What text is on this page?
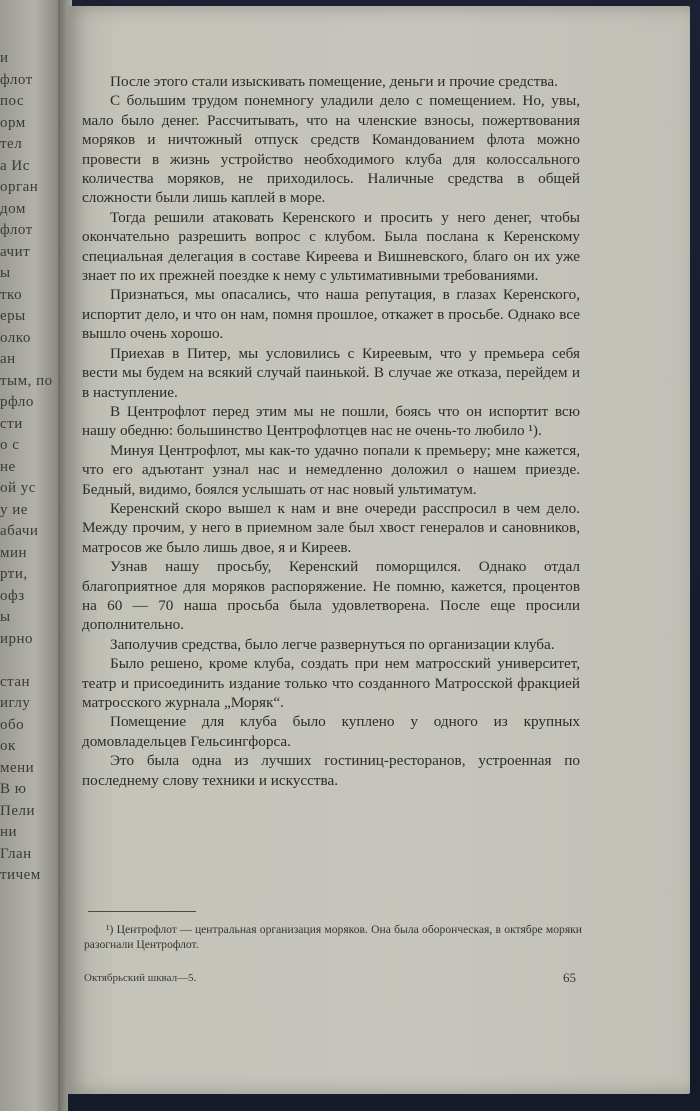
и
флот
пос
орм
тел
а Ис
орган
дом
флот
ачит
ы
тко
еры
олко
ан
тым, по
рфло
сти
о с
не
ой ус
у ие
абачи
мин
рти,
офз
ы
ирно
стан
иглу
обо
ок
мени
В ю
Пели
ни
Глан
тичем

После этого стали изыскивать помещение, деньги и прочие средства.

С большим трудом понемногу уладили дело с помещением. Но, увы, мало было денег. Рассчитывать, что на членские взносы, пожертвования моряков и ничтожный отпуск средств Командованием флота можно провести в жизнь устройство необходимого клуба для колоссального количества моряков, не приходилось. Наличные средства в общей сложности были лишь каплей в море.

Тогда решили атаковать Керенского и просить у него денег, чтобы окончательно разрешить вопрос с клубом. Была послана к Керенскому специальная делегация в составе Киреева и Вишневского, благо он их уже знает по их прежней поездке к нему с ультимативными требованиями.

Признаться, мы опасались, что наша репутация, в глазах Керенского, испортит дело, и что он нам, помня прошлое, откажет в просьбе. Однако все вышло очень хорошо.

Приехав в Питер, мы условились с Киреевым, что у премьера себя вести мы будем на всякий случай паинькой. В случае же отказа, перейдем и в наступление.

В Центрофлот перед этим мы не пошли, боясь что он испортит всю нашу обедню: большинство Центрофлотцев нас не очень-то любило ¹).

Минуя Центрофлот, мы как-то удачно попали к премьеру; мне кажется, что его адъютант узнал нас и немедленно доложил о нашем приезде. Бедный, видимо, боялся услышать от нас новый ультиматум.

Керенский скоро вышел к нам и вне очереди расспросил в чем дело. Между прочим, у него в приемном зале был хвост генералов и сановников, матросов же было лишь двое, я и Киреев.

Узнав нашу просьбу, Керенский поморщился. Однако отдал благоприятное для моряков распоряжение. Не помню, кажется, процентов на 60 — 70 наша просьба была удовлетворена. После еще просили дополнительно.

Заполучив средства, было легче развернуться по организации клуба.

Было решено, кроме клуба, создать при нем матросский университет, театр и присоединить издание только что созданного Матросской фракцией матросского журнала „Моряк“.

Помещение для клуба было куплено у одного из крупных домовладельцев Гельсингфорса.

Это была одна из лучших гостиниц-ресторанов, устроенная по последнему слову техники и искусства.

¹) Центрофлот — центральная организация моряков. Она была оборончеcкая, в октябре моряки разогнали Центрофлот.
Октябрьский шквал—5.	65
